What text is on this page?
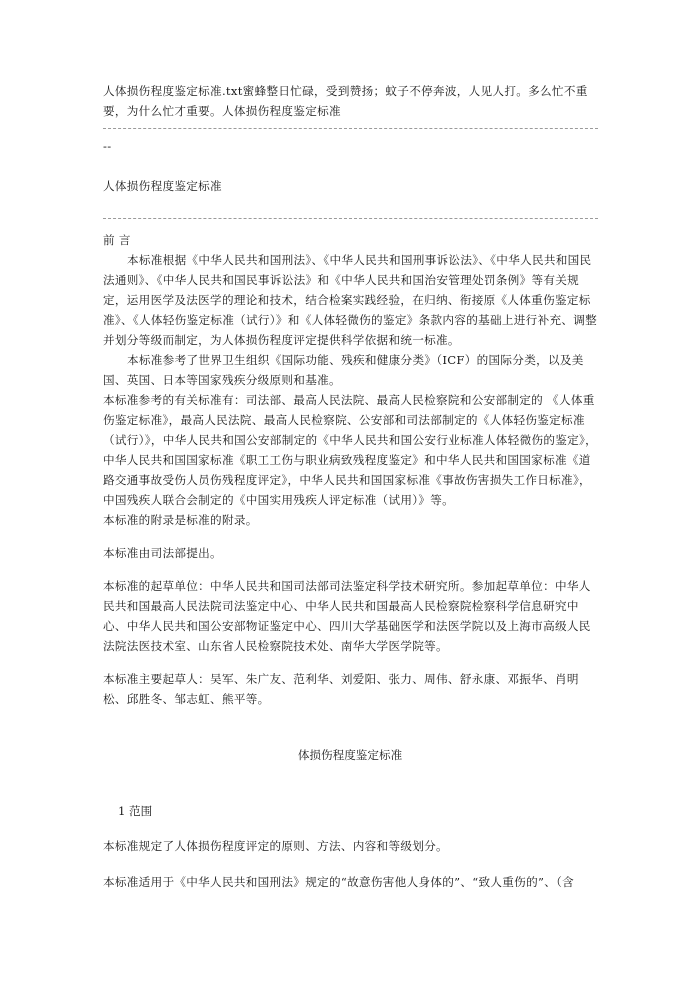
人体损伤程度鉴定标准.txt蜜蜂整日忙碌，受到赞扬；蚊子不停奔波，人见人打。多么忙不重要，为什么忙才重要。人体损伤程度鉴定标准
--
人体损伤程度鉴定标准
前 言
本标准根据《中华人民共和国刑法》、《中华人民共和国刑事诉讼法》、《中华人民共和国民法通则》、《中华人民共和国民事诉讼法》和《中华人民共和国治安管理处罚条例》等有关规定，运用医学及法医学的理论和技术，结合检案实践经验，在归纳、衔接原《人体重伤鉴定标准》、《人体轻伤鉴定标准（试行）》和《人体轻微伤的鉴定》条款内容的基础上进行补充、调整并划分等级而制定，为人体损伤程度评定提供科学依据和统一标准。
本标准参考了世界卫生组织《国际功能、残疾和健康分类》（ICF）的国际分类，以及美国、英国、日本等国家残疾分级原则和基准。
本标准参考的有关标准有：司法部、最高人民法院、最高人民检察院和公安部制定的 《人体重伤鉴定标准》，最高人民法院、最高人民检察院、公安部和司法部制定的《人体轻伤鉴定标准（试行）》，中华人民共和国公安部制定的《中华人民共和国公安行业标准人体轻微伤的鉴定》，中华人民共和国国家标准《职工工伤与职业病致残程度鉴定》和中华人民共和国国家标准《道路交通事故受伤人员伤残程度评定》，中华人民共和国国家标准《事故伤害损失工作日标准》，中国残疾人联合会制定的《中国实用残疾人评定标准（试用）》等。
本标准的附录是标准的附录。
本标准由司法部提出。
本标准的起草单位：中华人民共和国司法部司法鉴定科学技术研究所。参加起草单位：中华人民共和国最高人民法院司法鉴定中心、中华人民共和国最高人民检察院检察科学信息研究中心、中华人民共和国公安部物证鉴定中心、四川大学基础医学和法医学院以及上海市高级人民法院法医技术室、山东省人民检察院技术处、南华大学医学院等。
本标准主要起草人：吴军、朱广友、范利华、刘爱阳、张力、周伟、舒永康、邓振华、肖明松、邱胜冬、邹志虹、熊平等。
体损伤程度鉴定标准
1 范围
本标准规定了人体损伤程度评定的原则、方法、内容和等级划分。
本标准适用于《中华人民共和国刑法》规定的“故意伤害他人身体的”、“致人重伤的”、（含
